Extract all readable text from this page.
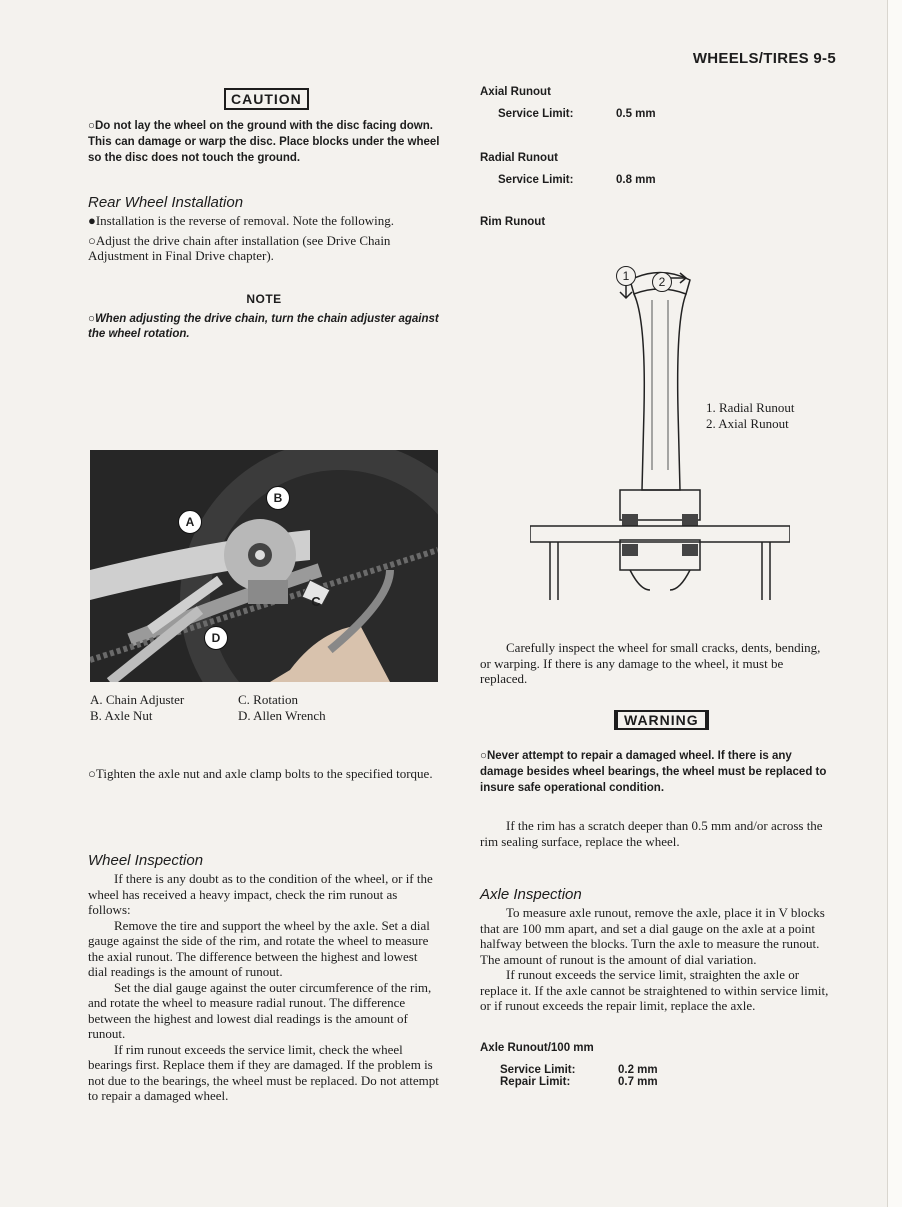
WHEELS/TIRES 9-5
CAUTION
○Do not lay the wheel on the ground with the disc facing down. This can damage or warp the disc. Place blocks under the wheel so the disc does not touch the ground.
Rear Wheel Installation
●Installation is the reverse of removal. Note the following.
○Adjust the drive chain after installation (see Drive Chain Adjustment in Final Drive chapter).
NOTE
○When adjusting the drive chain, turn the chain adjuster against the wheel rotation.
A
B
C
D
A. Chain Adjuster
B. Axle Nut
C. Rotation
D. Allen Wrench
○Tighten the axle nut and axle clamp bolts to the specified torque.
Wheel Inspection
If there is any doubt as to the condition of the wheel, or if the wheel has received a heavy impact, check the rim runout as follows:
Remove the tire and support the wheel by the axle. Set a dial gauge against the side of the rim, and rotate the wheel to measure the axial runout. The difference between the highest and lowest dial readings is the amount of runout.
Set the dial gauge against the outer circumference of the rim, and rotate the wheel to measure radial runout. The difference between the highest and lowest dial readings is the amount of runout.
If rim runout exceeds the service limit, check the wheel bearings first. Replace them if they are damaged. If the problem is not due to the bearings, the wheel must be replaced. Do not attempt to repair a damaged wheel.
Axial Runout
Service Limit:	0.5 mm
Radial Runout
Service Limit:	0.8 mm
Rim Runout
1	2
1. Radial Runout
2. Axial Runout
Carefully inspect the wheel for small cracks, dents, bending, or warping. If there is any damage to the wheel, it must be replaced.
WARNING
○Never attempt to repair a damaged wheel. If there is any damage besides wheel bearings, the wheel must be replaced to insure safe operational condition.
If the rim has a scratch deeper than 0.5 mm and/or across the rim sealing surface, replace the wheel.
Axle Inspection
To measure axle runout, remove the axle, place it in V blocks that are 100 mm apart, and set a dial gauge on the axle at a point halfway between the blocks. Turn the axle to measure the runout. The amount of runout is the amount of dial variation.
If runout exceeds the service limit, straighten the axle or replace it. If the axle cannot be straightened to within service limit, or if runout exceeds the repair limit, replace the axle.
Axle Runout/100 mm
Service Limit:	0.2 mm
Repair Limit:	0.7 mm
